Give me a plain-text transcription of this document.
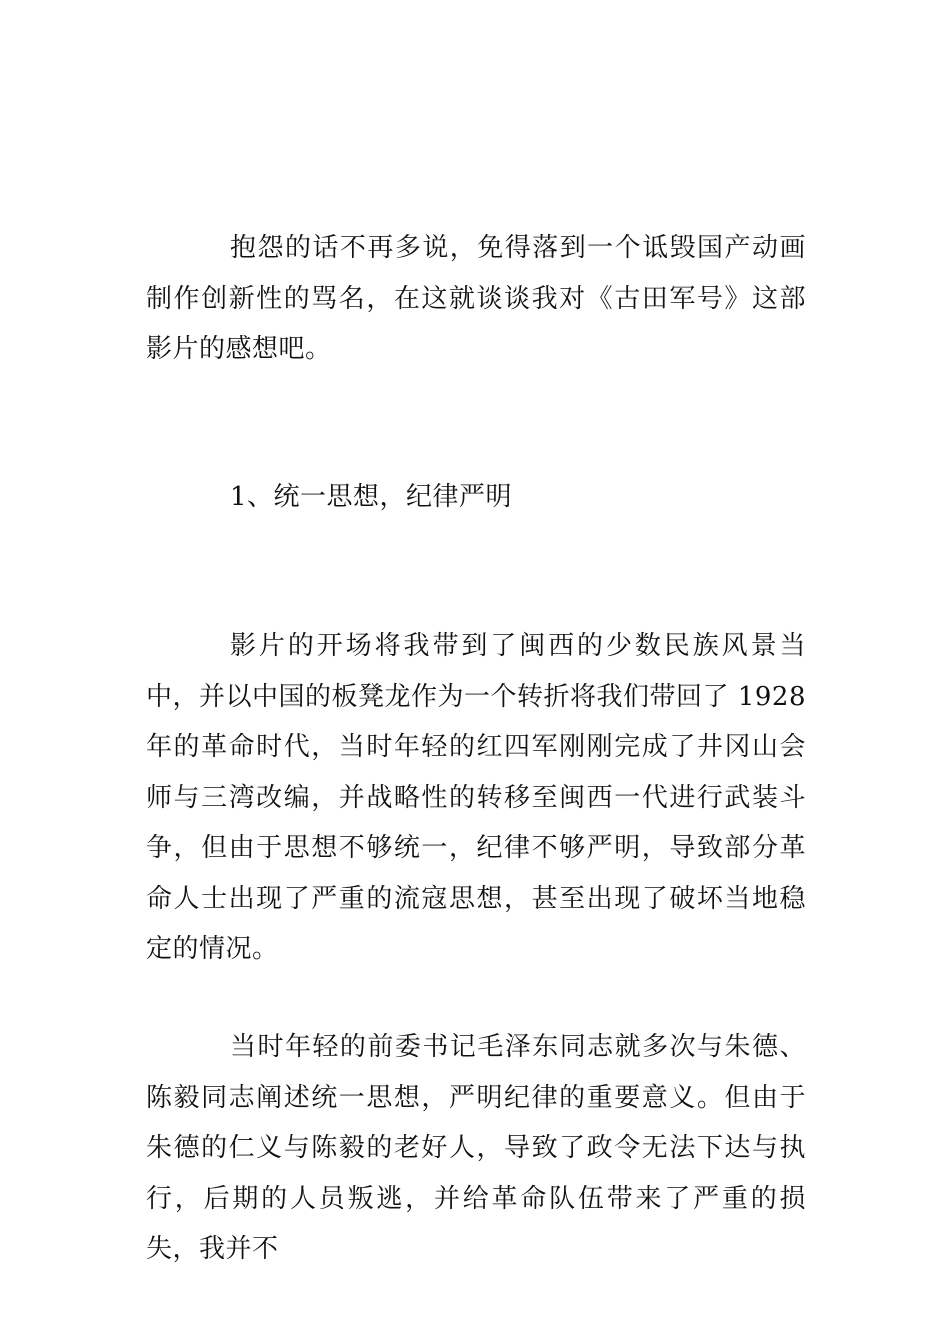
抱怨的话不再多说，免得落到一个诋毁国产动画制作创新性的骂名，在这就谈谈我对《古田军号》这部影片的感想吧。

1、统一思想，纪律严明

影片的开场将我带到了闽西的少数民族风景当中，并以中国的板凳龙作为一个转折将我们带回了 1928 年的革命时代，当时年轻的红四军刚刚完成了井冈山会师与三湾改编，并战略性的转移至闽西一代进行武装斗争，但由于思想不够统一，纪律不够严明，导致部分革命人士出现了严重的流寇思想，甚至出现了破坏当地稳定的情况。

当时年轻的前委书记毛泽东同志就多次与朱德、陈毅同志阐述统一思想，严明纪律的重要意义。但由于朱德的仁义与陈毅的老好人，导致了政令无法下达与执行，后期的人员叛逃，并给革命队伍带来了严重的损失，我并不
